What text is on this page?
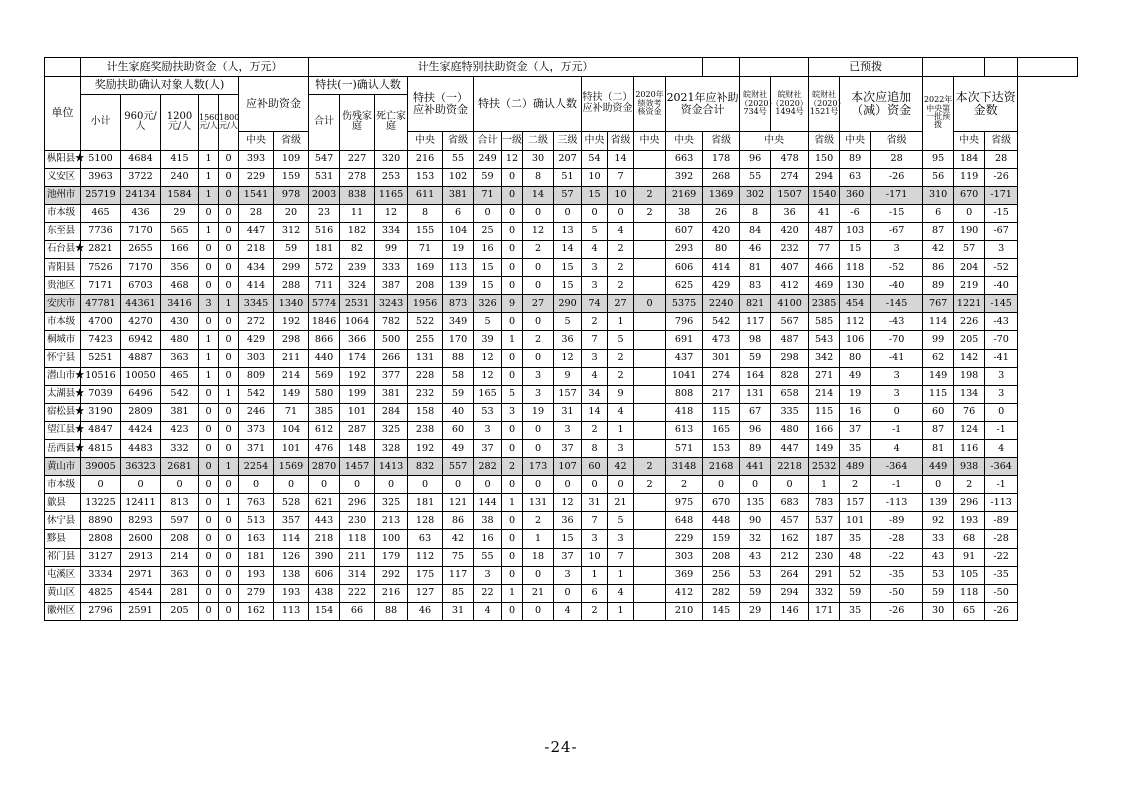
	计生家庭奖励扶助资金（人，万元）							计生家庭特别扶助资金（人，万元）																已预拨						
单位	奖励扶助确认对象人数(人)					应补助资金		特扶(一)确认人数			特扶（一）应补助资金		特扶（二）确认人数				特扶（二）应补助资金		2020年绩效考核资金	2021年应补助资金合计		皖财社（2020）734号	皖财社（2020）1494号	皖财社（2020）1521号	本次应追加（减）资金		2022年中央第一批预拨	本次下达资金数		
	小计	960元/人	1200元/人	1560元/人	1800元/人			合计	伤残家庭	死亡家庭																				

						中央	省级				中央	省级	合计	一级	二级	三级	中央	省级	中央	中央	省级	中央		省级	中央	省级		中央	省级	
枞阳县★	5100	4684	415	1	0	393	109	547	227	320	216	55	249	12	30	207	54	14		663	178	96	478	150	89	28	95	184	28	
义安区	3963	3722	240	1	0	229	159	531	278	253	153	102	59	0	8	51	10	7		392	268	55	274	294	63	-26	56	119	-26	
池州市	25719	24134	1584	1	0	1541	978	2003	838	1165	611	381	71	0	14	57	15	10	2	2169	1369	302	1507	1540	360	-171	310	670	-171	
市本级	465	436	29	0	0	28	20	23	11	12	8	6	0	0	0	0	0	0	2	38	26	8	36	41	-6	-15	6	0	-15	
东至县	7736	7170	565	1	0	447	312	516	182	334	155	104	25	0	12	13	5	4		607	420	84	420	487	103	-67	87	190	-67	
石台县★	2821	2655	166	0	0	218	59	181	82	99	71	19	16	0	2	14	4	2		293	80	46	232	77	15	3	42	57	3	
青阳县	7526	7170	356	0	0	434	299	572	239	333	169	113	15	0	0	15	3	2		606	414	81	407	466	118	-52	86	204	-52	
贵池区	7171	6703	468	0	0	414	288	711	324	387	208	139	15	0	0	15	3	2		625	429	83	412	469	130	-40	89	219	-40	
安庆市	47781	44361	3416	3	1	3345	1340	5774	2531	3243	1956	873	326	9	27	290	74	27	0	5375	2240	821	4100	2385	454	-145	767	1221	-145	
市本级	4700	4270	430	0	0	272	192	1846	1064	782	522	349	5	0	0	5	2	1		796	542	117	567	585	112	-43	114	226	-43	
桐城市	7423	6942	480	1	0	429	298	866	366	500	255	170	39	1	2	36	7	5		691	473	98	487	543	106	-70	99	205	-70	
怀宁县	5251	4887	363	1	0	303	211	440	174	266	131	88	12	0	0	12	3	2		437	301	59	298	342	80	-41	62	142	-41	
潜山市★	10516	10050	465	1	0	809	214	569	192	377	228	58	12	0	3	9	4	2		1041	274	164	828	271	49	3	149	198	3	
太湖县★	7039	6496	542	0	1	542	149	580	199	381	232	59	165	5	3	157	34	9		808	217	131	658	214	19	3	115	134	3	
宿松县★	3190	2809	381	0	0	246	71	385	101	284	158	40	53	3	19	31	14	4		418	115	67	335	115	16	0	60	76	0	
望江县★	4847	4424	423	0	0	373	104	612	287	325	238	60	3	0	0	3	2	1		613	165	96	480	166	37	-1	87	124	-1	
岳西县★	4815	4483	332	0	0	371	101	476	148	328	192	49	37	0	0	37	8	3		571	153	89	447	149	35	4	81	116	4	
黄山市	39005	36323	2681	0	1	2254	1569	2870	1457	1413	832	557	282	2	173	107	60	42	2	3148	2168	441	2218	2532	489	-364	449	938	-364	
市本级	0	0	0	0	0	0	0	0	0	0	0	0	0	0	0	0	0	0	2	2	0	0	0	1	2	-1	0	2	-1	
歙县	13225	12411	813	0	1	763	528	621	296	325	181	121	144	1	131	12	31	21		975	670	135	683	783	157	-113	139	296	-113	
休宁县	8890	8293	597	0	0	513	357	443	230	213	128	86	38	0	2	36	7	5		648	448	90	457	537	101	-89	92	193	-89	
黟县	2808	2600	208	0	0	163	114	218	118	100	63	42	16	0	1	15	3	3		229	159	32	162	187	35	-28	33	68	-28	
祁门县	3127	2913	214	0	0	181	126	390	211	179	112	75	55	0	18	37	10	7		303	208	43	212	230	48	-22	43	91	-22	
屯溪区	3334	2971	363	0	0	193	138	606	314	292	175	117	3	0	0	3	1	1		369	256	53	264	291	52	-35	53	105	-35	
黄山区	4825	4544	281	0	0	279	193	438	222	216	127	85	22	1	21	0	6	4		412	282	59	294	332	59	-50	59	118	-50	
徽州区	2796	2591	205	0	0	162	113	154	66	88	46	31	4	0	0	4	2	1		210	145	29	146	171	35	-26	30	65	-26	
-24-
